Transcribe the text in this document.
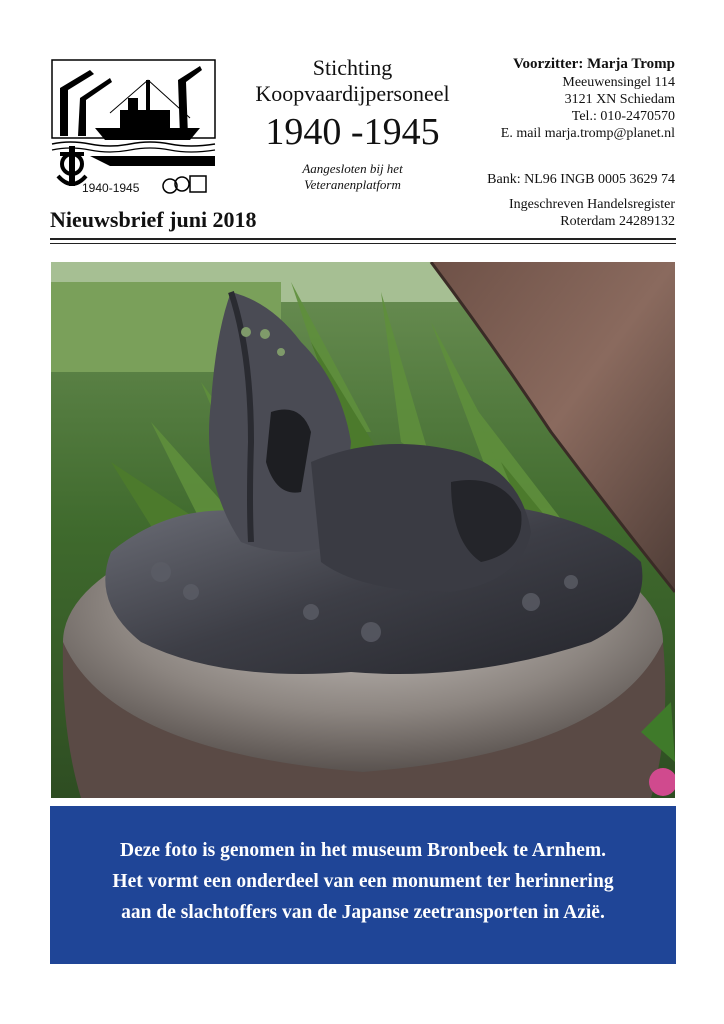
1940-1945
Stichting
Koopvaardijpersoneel
1940 -1945
Aangesloten bij het
Veteranenplatform
Voorzitter: Marja Tromp
Meeuwensingel 114
3121 XN Schiedam
Tel.: 010-2470570
E. mail marja.tromp@planet.nl
Bank: NL96 INGB 0005 3629 74
Ingeschreven Handelsregister
Roterdam 24289132
Nieuwsbrief juni 2018
Deze foto is genomen in het museum Bronbeek te Arnhem.
Het vormt een onderdeel van een monument ter herinnering
aan de slachtoffers van de Japanse zeetransporten in Azië.
